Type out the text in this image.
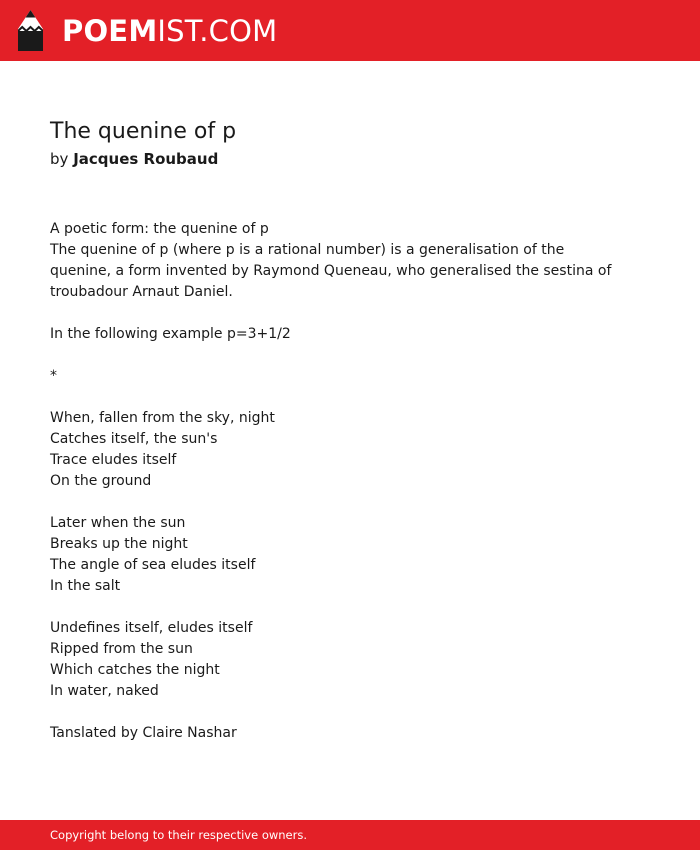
POEMIST.COM
The quenine of p
by Jacques Roubaud
A poetic form: the quenine of p
The quenine of p (where p is a rational number) is a generalisation of the
quenine, a form invented by Raymond Queneau, who generalised the sestina of
troubadour Arnaut Daniel.
In the following example p=3+1/2
*
When, fallen from the sky, night
Catches itself, the sun's
Trace eludes itself
On the ground
Later when the sun
Breaks up the night
The angle of sea eludes itself
In the salt
Undefines itself, eludes itself
Ripped from the sun
Which catches the night
In water, naked
Tanslated by Claire Nashar
Copyright belong to their respective owners.
